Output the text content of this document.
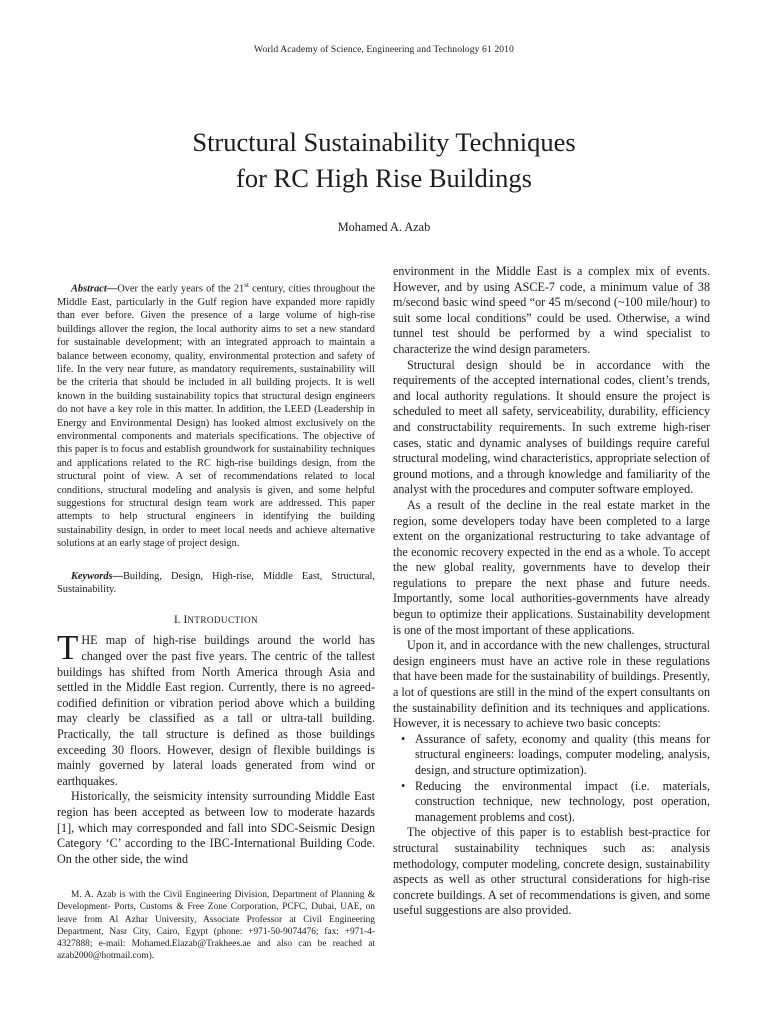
World Academy of Science, Engineering and Technology 61 2010
Structural Sustainability Techniques
for RC High Rise Buildings
Mohamed A. Azab

Abstract—Over the early years of the 21st century, cities throughout the Middle East, particularly in the Gulf region have expanded more rapidly than ever before. Given the presence of a large volume of high-rise buildings allover the region, the local authority aims to set a new standard for sustainable development; with an integrated approach to maintain a balance between economy, quality, environmental protection and safety of life. In the very near future, as mandatory requirements, sustainability will be the criteria that should be included in all building projects. It is well known in the building sustainability topics that structural design engineers do not have a key role in this matter. In addition, the LEED (Leadership in Energy and Environmental Design) has looked almost exclusively on the environmental components and materials specifications. The objective of this paper is to focus and establish groundwork for sustainability techniques and applications related to the RC high-rise buildings design, from the structural point of view. A set of recommendations related to local conditions, structural modeling and analysis is given, and some helpful suggestions for structural design team work are addressed. This paper attempts to help structural engineers in identifying the building sustainability design, in order to meet local needs and achieve alternative solutions at an early stage of project design.

Keywords—Building, Design, High-rise, Middle East, Structural, Sustainability.

I. INTRODUCTION

THE map of high-rise buildings around the world has changed over the past five years. The centric of the tallest buildings has shifted from North America through Asia and settled in the Middle East region. Currently, there is no agreed-codified definition or vibration period above which a building may clearly be classified as a tall or ultra-tall building. Practically, the tall structure is defined as those buildings exceeding 30 floors. However, design of flexible buildings is mainly governed by lateral loads generated from wind or earthquakes.

Historically, the seismicity intensity surrounding Middle East region has been accepted as between low to moderate hazards [1], which may corresponded and fall into SDC-Seismic Design Category ‘C’ according to the IBC-International Building Code. On the other side, the wind

M. A. Azab is with the Civil Engineering Division, Department of Planning & Development- Ports, Customs & Free Zone Corporation, PCFC, Dubai, UAE, on leave from Al Azhar University, Associate Professor at Civil Engineering Department, Nasr City, Cairo, Egypt (phone: +971-50-9074476; fax: +971-4-4327888; e-mail: Mohamed.Elazab@Trakhees.ae and also can be reached at azab2000@hotmail.com).

environment in the Middle East is a complex mix of events. However, and by using ASCE-7 code, a minimum value of 38 m/second basic wind speed “or 45 m/second (~100 mile/hour) to suit some local conditions” could be used. Otherwise, a wind tunnel test should be performed by a wind specialist to characterize the wind design parameters.

Structural design should be in accordance with the requirements of the accepted international codes, client’s trends, and local authority regulations. It should ensure the project is scheduled to meet all safety, serviceability, durability, efficiency and constructability requirements. In such extreme high-riser cases, static and dynamic analyses of buildings require careful structural modeling, wind characteristics, appropriate selection of ground motions, and a through knowledge and familiarity of the analyst with the procedures and computer software employed.

As a result of the decline in the real estate market in the region, some developers today have been completed to a large extent on the organizational restructuring to take advantage of the economic recovery expected in the end as a whole. To accept the new global reality, governments have to develop their regulations to prepare the next phase and future needs. Importantly, some local authorities-governments have already begun to optimize their applications. Sustainability development is one of the most important of these applications.

Upon it, and in accordance with the new challenges, structural design engineers must have an active role in these regulations that have been made for the sustainability of buildings. Presently, a lot of questions are still in the mind of the expert consultants on the sustainability definition and its techniques and applications. However, it is necessary to achieve two basic concepts:

• Assurance of safety, economy and quality (this means for structural engineers: loadings, computer modeling, analysis, design, and structure optimization).
• Reducing the environmental impact (i.e. materials, construction technique, new technology, post operation, management problems and cost).

The objective of this paper is to establish best-practice for structural sustainability techniques such as: analysis methodology, computer modeling, concrete design, sustainability aspects as well as other structural considerations for high-rise concrete buildings. A set of recommendations is given, and some useful suggestions are also provided.
